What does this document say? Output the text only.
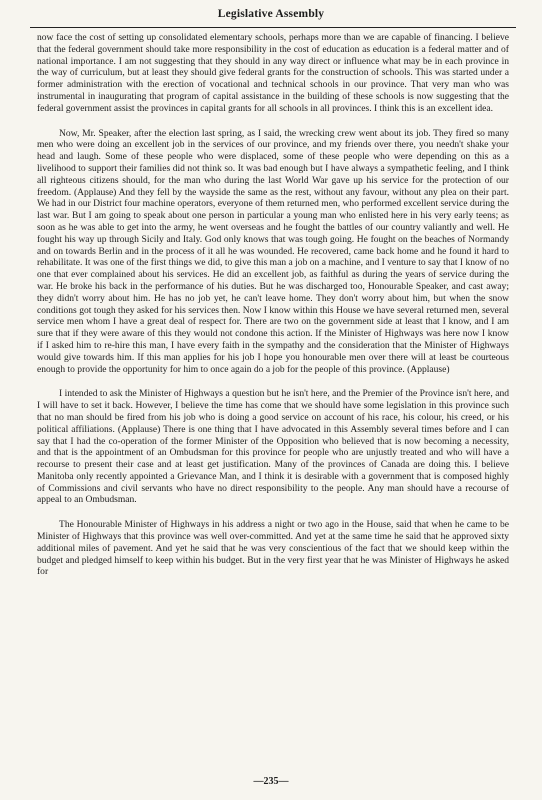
Legislative Assembly

now face the cost of setting up consolidated elementary schools, perhaps more than we are capable of financing. I believe that the federal government should take more responsibility in the cost of education as education is a federal matter and of national importance. I am not suggesting that they should in any way direct or influence what may be in each province in the way of curriculum, but at least they should give federal grants for the construction of schools. This was started under a former administration with the erection of vocational and technical schools in our province. That very man who was instrumental in inaugurating that program of capital assistance in the building of these schools is now suggesting that the federal government assist the provinces in capital grants for all schools in all provinces. I think this is an excellent idea.

Now, Mr. Speaker, after the election last spring, as I said, the wrecking crew went about its job. They fired so many men who were doing an excellent job in the services of our province, and my friends over there, you needn't shake your head and laugh. Some of these people who were displaced, some of these people who were depending on this as a livelihood to support their families did not think so. It was bad enough but I have always a sympathetic feeling, and I think all righteous citizens should, for the man who during the last World War gave up his service for the protection of our freedom. (Applause) And they fell by the wayside the same as the rest, without any favour, without any plea on their part. We had in our District four machine operators, everyone of them returned men, who performed excellent service during the last war. But I am going to speak about one person in particular a young man who enlisted here in his very early teens; as soon as he was able to get into the army, he went overseas and he fought the battles of our country valiantly and well. He fought his way up through Sicily and Italy. God only knows that was tough going. He fought on the beaches of Normandy and on towards Berlin and in the process of it all he was wounded. He recovered, came back home and he found it hard to rehabilitate. It was one of the first things we did, to give this man a job on a machine, and I venture to say that I know of no one that ever complained about his services. He did an excellent job, as faithful as during the years of service during the war. He broke his back in the performance of his duties. But he was discharged too, Honourable Speaker, and cast away; they didn't worry about him. He has no job yet, he can't leave home. They don't worry about him, but when the snow conditions got tough they asked for his services then. Now I know within this House we have several returned men, several service men whom I have a great deal of respect for. There are two on the government side at least that I know, and I am sure that if they were aware of this they would not condone this action. If the Minister of Highways was here now I know if I asked him to re-hire this man, I have every faith in the sympathy and the consideration that the Minister of Highways would give towards him. If this man applies for his job I hope you honourable men over there will at least be courteous enough to provide the opportunity for him to once again do a job for the people of this province. (Applause)

I intended to ask the Minister of Highways a question but he isn't here, and the Premier of the Province isn't here, and I will have to set it back. However, I believe the time has come that we should have some legislation in this province such that no man should be fired from his job who is doing a good service on account of his race, his colour, his creed, or his political affiliations. (Applause) There is one thing that I have advocated in this Assembly several times before and I can say that I had the co-operation of the former Minister of the Opposition who believed that is now becoming a necessity, and that is the appointment of an Ombudsman for this province for people who are unjustly treated and who will have a recourse to present their case and at least get justification. Many of the provinces of Canada are doing this. I believe Manitoba only recently appointed a Grievance Man, and I think it is desirable with a government that is composed highly of Commissions and civil servants who have no direct responsibility to the people. Any man should have a recourse of appeal to an Ombudsman.

The Honourable Minister of Highways in his address a night or two ago in the House, said that when he came to be Minister of Highways that this province was well over-committed. And yet at the same time he said that he approved sixty additional miles of pavement. And yet he said that he was very conscientious of the fact that we should keep within the budget and pledged himself to keep within his budget. But in the very first year that he was Minister of Highways he asked for

—235—
